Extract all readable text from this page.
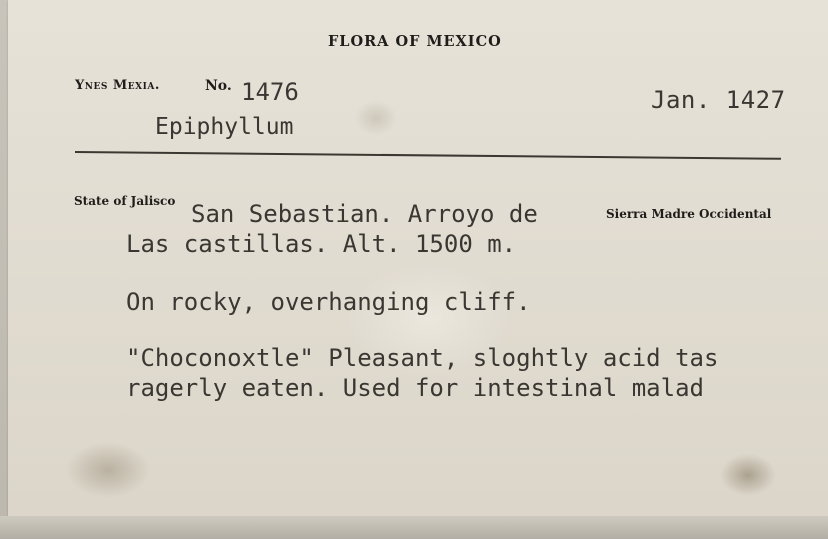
FLORA OF MEXICO
Ynes Mexia.	No. 1476	Jan. 1427
Epiphyllum
State of Jalisco San Sebastian. Arroyo de	Sierra Madre Occidental
Las castillas. Alt. 1500 m.
On rocky, overhanging cliff.
"Choconoxtle" Pleasant, sloghtly acid tas
ragerly eaten. Used for intestinal malad
